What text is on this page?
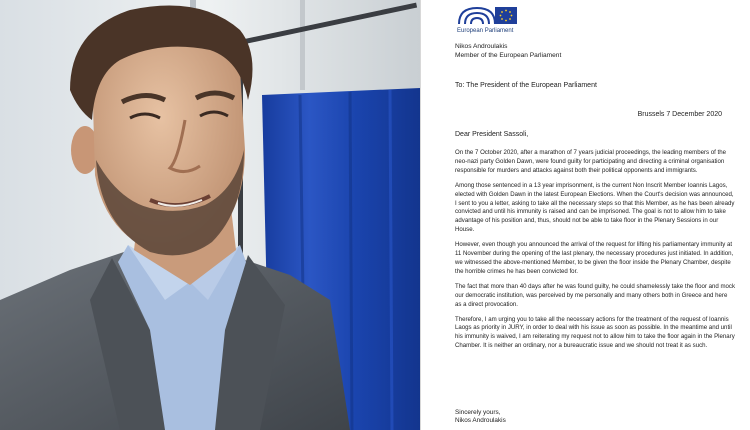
European Parliament
Nikos Androulakis
Member of the European Parliament
To: The President of the European Parliament
Brussels 7 December 2020
Dear President Sassoli,

On the 7 October 2020, after a marathon of 7 years judicial proceedings, the leading members of the neo-nazi party Golden Dawn, were found guilty for participating and directing a criminal organisation responsible for murders and attacks against both their political opponents and immigrants.

Among those sentenced in a 13 year imprisonment, is the current Non Inscrit Member Ioannis Lagos, elected with Golden Dawn in the latest European Elections. When the Court's decision was announced, I sent to you a letter, asking to take all the necessary steps so that this Member, as he has been already convicted and until his immunity is raised and can be imprisoned. The goal is not to allow him to take advantage of his position and, thus, should not be able to take floor in the Plenary Sessions in our House.

However, even though you announced the arrival of the request for lifting his parliamentary immunity at 11 November during the opening of the last plenary, the necessary procedures just initiated. In addition, we witnessed the above-mentioned Member, to be given the floor inside the Plenary Chamber, despite the horrible crimes he has been convicted for.

The fact that more than 40 days after he was found guilty, he could shamelessly take the floor and mock our democratic institution, was perceived by me personally and many others both in Greece and here as a direct provocation.

Therefore, I am urging you to take all the necessary actions for the treatment of the request of Ioannis Laogs as priority in JURY, in order to deal with his issue as soon as possible. In the meantime and until his immunity is waived, I am reiterating my request not to allow him to take the floor again in the Plenary Chamber. It is neither an ordinary, nor a bureaucratic issue and we should not treat it as such.

Sincerely yours,
Nikos Androulakis
